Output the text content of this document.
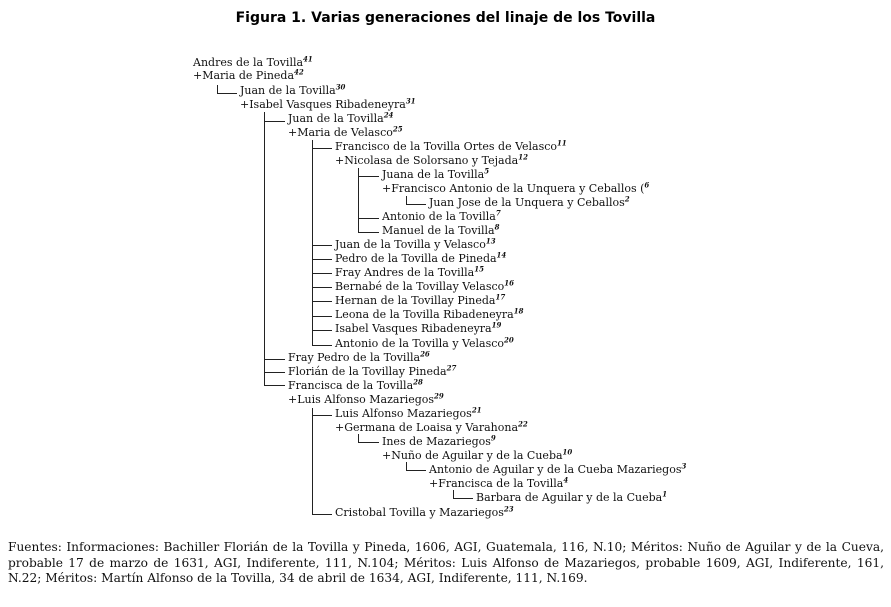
Figura 1. Varias generaciones del linaje de los Tovilla
Andres de la Tovilla$^{41}$
+Maria de Pineda$^{42}$
Juan de la Tovilla$^{30}$
+Isabel Vasques Ribadeneyra$^{31}$
Juan de la Tovilla$^{24}$
+Maria de Velasco$^{25}$
Francisco de la Tovilla Ortes de Velasco$^{11}$
+Nicolasa de Solorsano y Tejada$^{12}$
Juana de la Tovilla$^5$
+Francisco Antonio de la Unquera y Ceballos ($^6$
Juan Jose de la Unquera y Ceballos$^2$
Antonio de la Tovilla$^7$
Manuel de la Tovilla$^8$
Juan de la Tovilla y Velasco$^{13}$
Pedro de la Tovilla de Pineda$^{14}$
Fray Andres de la Tovilla$^{15}$
Bernabé de la Tovillay Velasco$^{16}$
Hernan de la Tovillay Pineda$^{17}$
Leona de la Tovilla Ribadeneyra$^{18}$
Isabel Vasques Ribadeneyra$^{19}$
Antonio de la Tovilla y Velasco$^{20}$
Fray Pedro de la Tovilla$^{26}$
Florián de la Tovillay Pineda$^{27}$
Francisca de la Tovilla$^{28}$
+Luis Alfonso Mazariegos$^{29}$
Luis Alfonso Mazariegos$^{21}$
+Germana de Loaisa y Varahona$^{22}$
Ines de Mazariegos$^9$
+Nuño de Aguilar y de la Cueba$^{10}$
Antonio de Aguilar y de la Cueba Mazariegos$^3$
+Francisca de la Tovilla$^4$
Barbara de Aguilar y de la Cueba$^1$
Cristobal Tovilla y Mazariegos$^{23}$
Fuentes: Informaciones: Bachiller Florián de la Tovilla y Pineda, 1606, AGI, Guatemala, 116, N.10; Méritos: Nuño de Aguilar y de la Cueva, probable 17 de marzo de 1631, AGI, Indiferente, 111, N.104; Méritos: Luis Alfonso de Mazariegos, probable 1609, AGI, Indiferente, 161, N.22; Méritos: Martín Alfonso de la Tovilla, 34 de abril de 1634, AGI, Indiferente, 111, N.169.
